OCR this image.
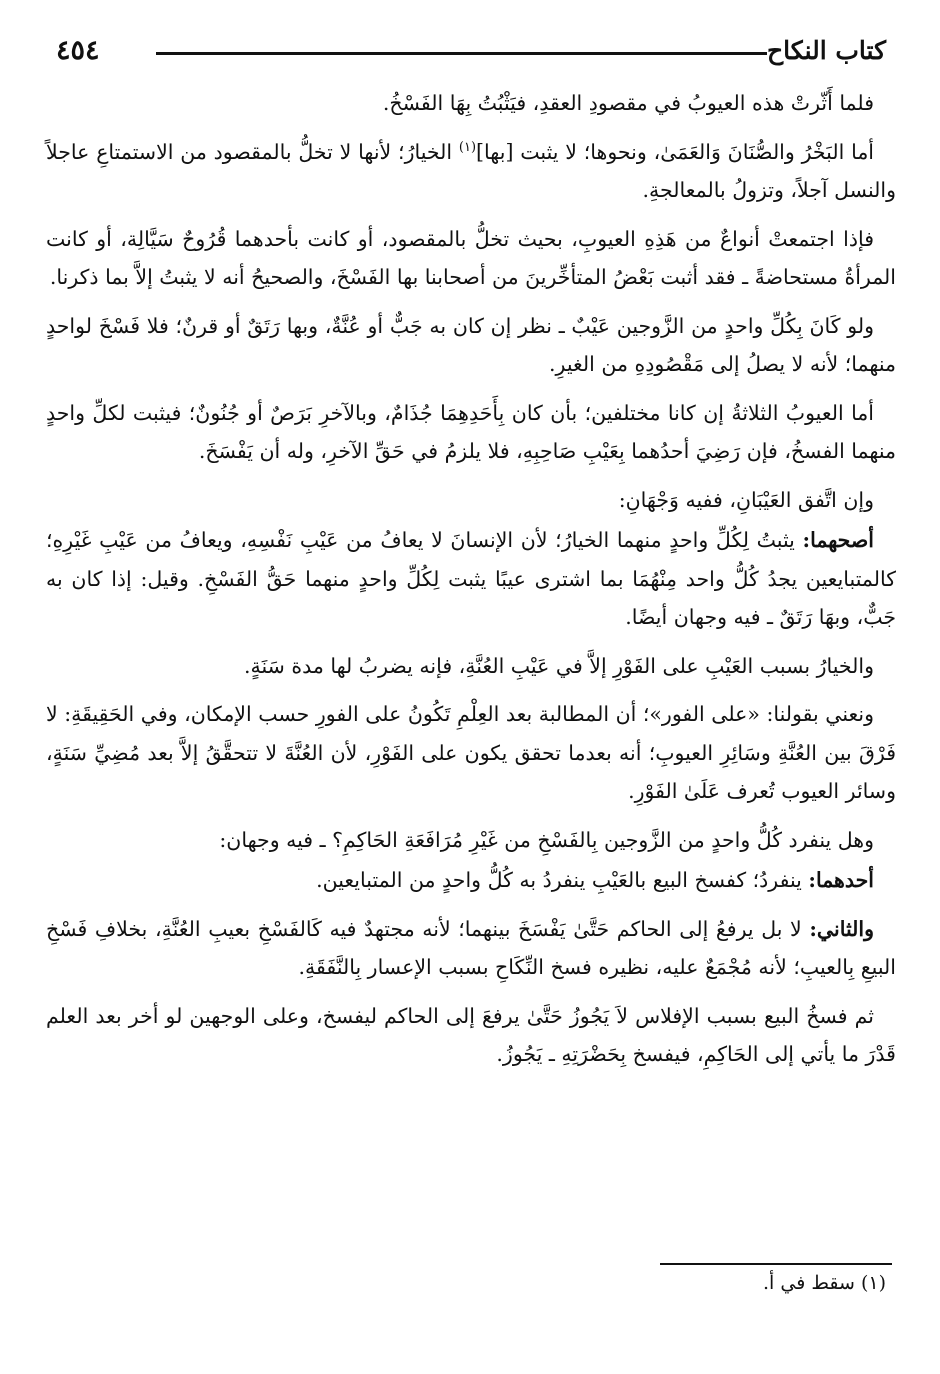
كتاب النكاح
٤٥٤

فلما أَثّرتْ هذه العيوبُ في مقصودِ العقدِ، فيَثْبُتُ بِهَا الفَسْخُ.

أما البَخْرُ والصُّنَانَ وَالعَمَىٰ، ونحوها؛ لا يثبت [بها]$^{(١)}$ الخيارُ؛ لأنها لا تخلُّ بالمقصود من الاستمتاعِ عاجلاً والنسل آجلاً، وتزولُ بالمعالجةِ.

فإذا اجتمعتْ أنواعٌ من هَذِهِ العيوبِ، بحيث تخلُّ بالمقصود، أو كانت بأحدهما قُرُوحٌ سَيَّالِة، أو كانت المرأةُ مستحاضةً ـ فقد أثبت بَعْضُ المتأخِّرينَ من أصحابنا بها الفَسْخَ، والصحيحُ أنه لا يثبتُ إلاَّ بما ذكرنا.

ولو كَانَ بِكُلِّ واحدٍ من الزَّوجين عَيْبٌ ـ نظر إن كان به جَبٌّ أو عُنَّةٌ، وبها رَتَقٌ أو قرنٌ؛ فلا فَسْخَ لواحدٍ منهما؛ لأنه لا يصلُ إلى مَقْصُودِهِ من الغيرِ.

أما العيوبُ الثلاثةُ إن كانا مختلفين؛ بأن كان بِأَحَدِهِمَا جُذَامٌ، وبالآخرِ بَرَصٌ أو جُنُونٌ؛ فيثبت لكلِّ واحدٍ منهما الفسخُ، فإن رَضِيَ أحدُهما بِعَيْبِ صَاحِبِهِ، فلا يلزمُ في حَقِّ الآخرِ، وله أن يَفْسَخَ.

وإن اتَّفق العَيْبَانِ، ففيه وَجْهَانِ:

أصحهما: يثبتُ لِكُلِّ واحدٍ منهما الخيارُ؛ لأن الإنسانَ لا يعافُ من عَيْبِ نَفْسِهِ، ويعافُ من عَيْبِ غَيْرِهِ؛ كالمتبايعين يجدُ كُلُّ واحد مِنْهُمَا بما اشترى عيبًا يثبت لِكُلِّ واحدٍ منهما حَقُّ الفَسْخِ. وقيل: إذا كان به جَبٌّ، وبهَا رَتَقٌ ـ فيه وجهان أيضًا.

والخيارُ بسبب العَيْبِ على الفَوْرِ إلاَّ في عَيْبِ العُنَّةِ، فإنه يضربُ لها مدة سَنَةٍ.

ونعني بقولنا: «على الفور»؛ أن المطالبة بعد العِلْمِ تَكُونُ على الفورِ حسب الإمكان، وفي الحَقِيقَةِ: لا فَرْقَ بين العُنَّةِ وسَائِرِ العيوبِ؛ أنه بعدما تحقق يكون على الفَوْرِ، لأن العُنَّةَ لا تتحقَّقُ إلاَّ بعد مُضِيِّ سَنَةٍ، وسائر العيوب تُعرف عَلَىٰ الفَوْرِ.

وهل ينفرد كُلُّ واحدٍ من الزَّوجين بِالفَسْخِ من غَيْرِ مُرَافَعَةِ الحَاكِمِ؟ ـ فيه وجهان:

أحدهما: ينفردُ؛ كفسخ البيع بالعَيْبِ ينفردُ به كُلُّ واحدٍ من المتبايعين.

والثاني: لا بل يرفعُ إلى الحاكم حَتَّىٰ يَفْسَخَ بينهما؛ لأنه مجتهدٌ فيه كَالفَسْخِ بعيبِ العُنَّةِ، بخلافِ فَسْخِ البيعِ بِالعيبِ؛ لأنه مُجْمَعٌ عليه، نظيره فسخ النِّكَاحِ بسبب الإعسار بِالنَّفَقَةِ.

ثم فسخُ البيع بسبب الإفلاس لاَ يَجُوزُ حَتَّىٰ يرفعَ إلى الحاكم ليفسخ، وعلى الوجهين لو أخر بعد العلم قَدْرَ ما يأتي إلى الحَاكِمِ، فيفسخ بِحَضْرَتِهِ ـ يَجُوزُ.

(١) سقط في أ.
